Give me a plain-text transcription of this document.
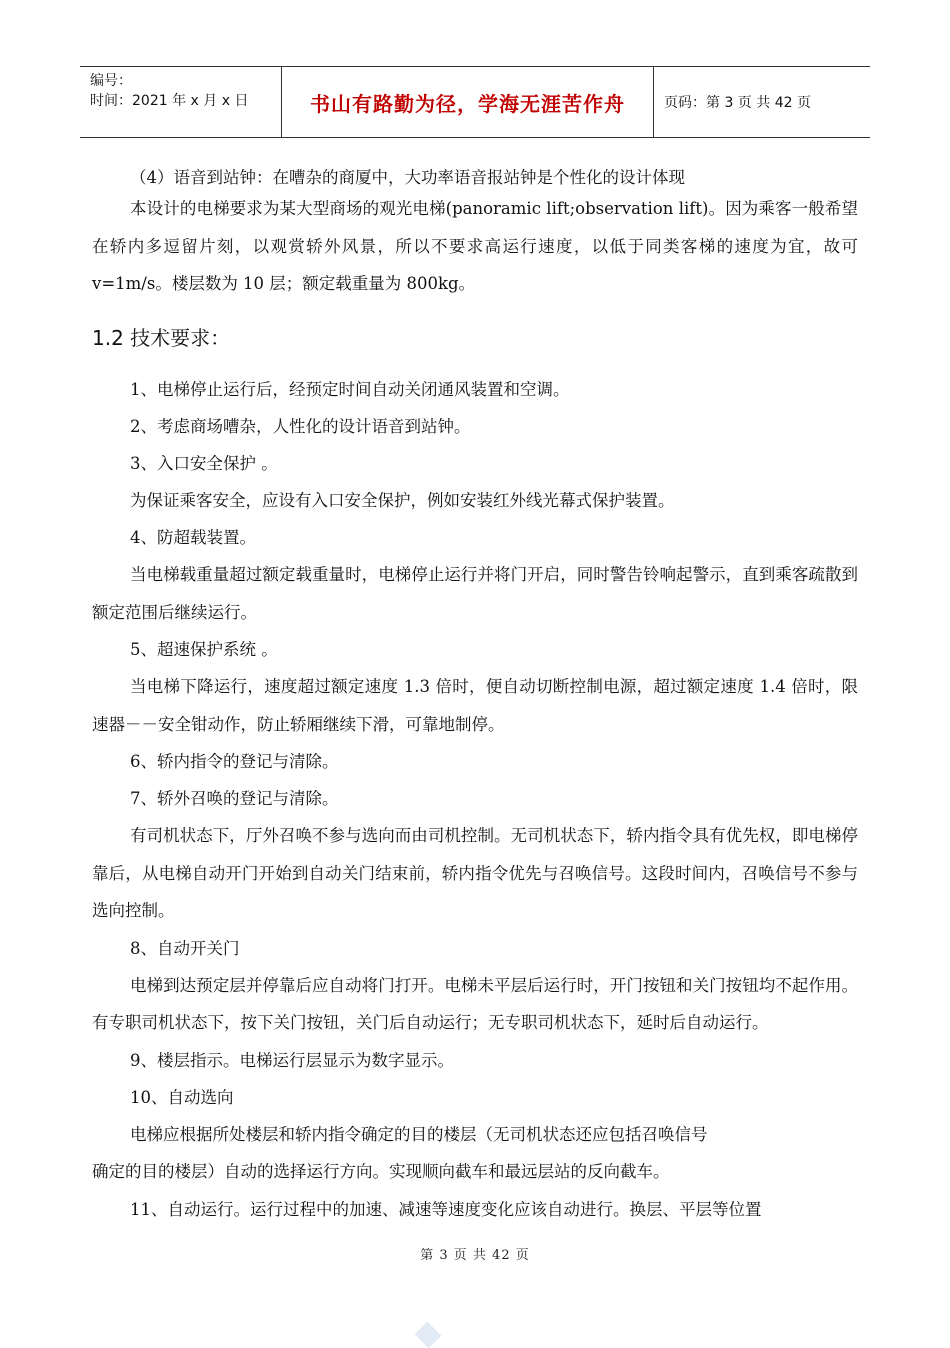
编号：
时间：2021 年 x 月 x 日	书山有路勤为径，学海无涯苦作舟	页码：第 3 页 共 42 页

（4）语音到站钟：在嘈杂的商厦中，大功率语音报站钟是个性化的设计体现

本设计的电梯要求为某大型商场的观光电梯(panoramic lift;observation lift)。因为乘客一般希望在轿内多逗留片刻，以观赏轿外风景，所以不要求高运行速度，以低于同类客梯的速度为宜，故可 v=1m/s。楼层数为 10 层；额定载重量为 800kg。

1.2 技术要求：

1、电梯停止运行后，经预定时间自动关闭通风装置和空调。

2、考虑商场嘈杂，人性化的设计语音到站钟。

3、入口安全保护 。

为保证乘客安全，应设有入口安全保护，例如安装红外线光幕式保护装置。

4、防超载装置。

当电梯载重量超过额定载重量时，电梯停止运行并将门开启，同时警告铃响起警示，直到乘客疏散到额定范围后继续运行。

5、超速保护系统 。

当电梯下降运行，速度超过额定速度 1.3 倍时，便自动切断控制电源，超过额定速度 1.4 倍时，限速器－－安全钳动作，防止轿厢继续下滑，可靠地制停。

6、轿内指令的登记与清除。

7、轿外召唤的登记与清除。

有司机状态下，厅外召唤不参与选向而由司机控制。无司机状态下，轿内指令具有优先权，即电梯停靠后，从电梯自动开门开始到自动关门结束前，轿内指令优先与召唤信号。这段时间内，召唤信号不参与选向控制。

8、自动开关门

电梯到达预定层并停靠后应自动将门打开。电梯未平层后运行时，开门按钮和关门按钮均不起作用。有专职司机状态下，按下关门按钮，关门后自动运行；无专职司机状态下，延时后自动运行。

9、楼层指示。电梯运行层显示为数字显示。

10、自动选向

电梯应根据所处楼层和轿内指令确定的目的楼层（无司机状态还应包括召唤信号

确定的目的楼层）自动的选择运行方向。实现顺向截车和最远层站的反向截车。

11、自动运行。运行过程中的加速、减速等速度变化应该自动进行。换层、平层等位置

第 3 页 共 42 页
